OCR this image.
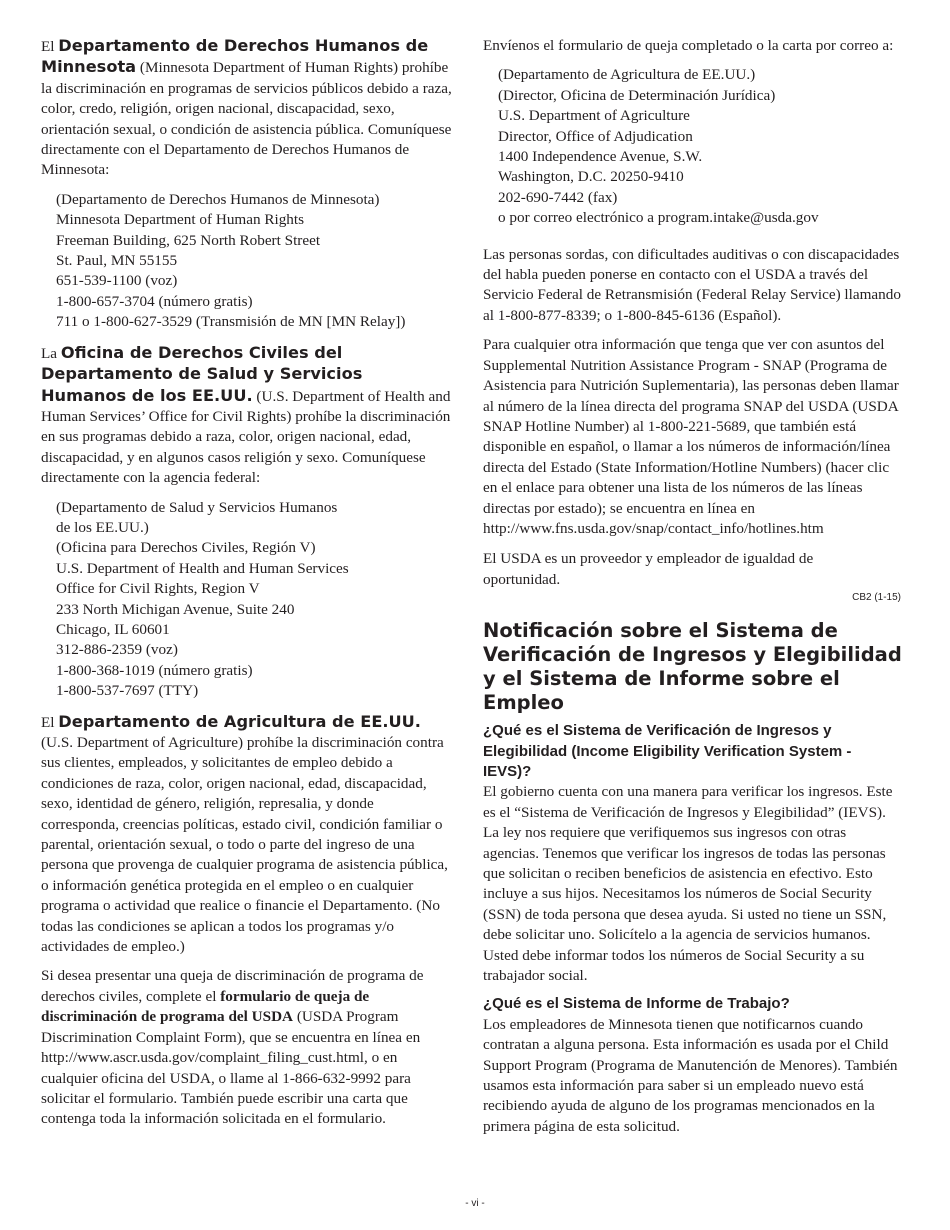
El Departamento de Derechos Humanos de Minnesota (Minnesota Department of Human Rights) prohíbe la discriminación en programas de servicios públicos debido a raza, color, credo, religión, origen nacional, discapacidad, sexo, orientación sexual, o condición de asistencia pública. Comuníquese directamente con el Departamento de Derechos Humanos de Minnesota:

(Departamento de Derechos Humanos de Minnesota)
Minnesota Department of Human Rights
Freeman Building, 625 North Robert Street
St. Paul, MN 55155
651-539-1100 (voz)
1-800-657-3704 (número gratis)
711 o 1-800-627-3529 (Transmisión de MN [MN Relay])

La Oficina de Derechos Civiles del Departamento de Salud y Servicios Humanos de los EE.UU. (U.S. Department of Health and Human Services’ Office for Civil Rights) prohíbe la discriminación en sus programas debido a raza, color, origen nacional, edad, discapacidad, y en algunos casos religión y sexo. Comuníquese directamente con la agencia federal:

(Departamento de Salud y Servicios Humanos
de los EE.UU.)
(Oficina para Derechos Civiles, Región V)
U.S. Department of Health and Human Services
Office for Civil Rights, Region V
233 North Michigan Avenue, Suite 240
Chicago, IL 60601
312-886-2359 (voz)
1-800-368-1019 (número gratis)
1-800-537-7697 (TTY)

El Departamento de Agricultura de EE.UU. (U.S. Department of Agriculture) prohíbe la discriminación contra sus clientes, empleados, y solicitantes de empleo debido a condiciones de raza, color, origen nacional, edad, discapacidad, sexo, identidad de género, religión, represalia, y donde corresponda, creencias políticas, estado civil, condición familiar o parental, orientación sexual, o todo o parte del ingreso de una persona que provenga de cualquier programa de asistencia pública, o información genética protegida en el empleo o en cualquier programa o actividad que realice o financie el Departamento. (No todas las condiciones se aplican a todos los programas y/o actividades de empleo.)

Si desea presentar una queja de discriminación de programa de derechos civiles, complete el formulario de queja de discriminación de programa del USDA (USDA Program Discrimination Complaint Form), que se encuentra en línea en http://www.ascr.usda.gov/complaint_filing_cust.html, o en cualquier oficina del USDA, o llame al 1-866-632-9992 para solicitar el formulario. También puede escribir una carta que contenga toda la información solicitada en el formulario.

Envíenos el formulario de queja completado o la carta por correo a:

(Departamento de Agricultura de EE.UU.)
(Director, Oficina de Determinación Jurídica)
U.S. Department of Agriculture
Director, Office of Adjudication
1400 Independence Avenue, S.W.
Washington, D.C. 20250-9410
202-690-7442 (fax)
o por correo electrónico a program.intake@usda.gov

Las personas sordas, con dificultades auditivas o con discapacidades del habla pueden ponerse en contacto con el USDA a través del Servicio Federal de Retransmisión (Federal Relay Service) llamando al 1-800-877-8339; o 1-800-845-6136 (Español).

Para cualquier otra información que tenga que ver con asuntos del Supplemental Nutrition Assistance Program - SNAP (Programa de Asistencia para Nutrición Suplementaria), las personas deben llamar al número de la línea directa del programa SNAP del USDA (USDA SNAP Hotline Number) al 1-800-221-5689, que también está disponible en español, o llamar a los números de información/línea directa del Estado (State Information/Hotline Numbers) (hacer clic en el enlace para obtener una lista de los números de las líneas directas por estado); se encuentra en línea en http://www.fns.usda.gov/snap/contact_info/hotlines.htm

El USDA es un proveedor y empleador de igualdad de oportunidad.

CB2 (1-15)
Notificación sobre el Sistema de Verificación de Ingresos y Elegibilidad y el Sistema de Informe sobre el Empleo
¿Qué es el Sistema de Verificación de Ingresos y Elegibilidad (Income Eligibility Verification System - IEVS)?

El gobierno cuenta con una manera para verificar los ingresos. Este es el “Sistema de Verificación de Ingresos y Elegibilidad” (IEVS). La ley nos requiere que verifiquemos sus ingresos con otras agencias. Tenemos que verificar los ingresos de todas las personas que solicitan o reciben beneficios de asistencia en efectivo. Esto incluye a sus hijos. Necesitamos los números de Social Security (SSN) de toda persona que desea ayuda. Si usted no tiene un SSN, debe solicitar uno. Solicítelo a la agencia de servicios humanos. Usted debe informar todos los números de Social Security a su trabajador social.

¿Qué es el Sistema de Informe de Trabajo?

Los empleadores de Minnesota tienen que notificarnos cuando contratan a alguna persona. Esta información es usada por el Child Support Program (Programa de Manutención de Menores). También usamos esta información para saber si un empleado nuevo está recibiendo ayuda de alguno de los programas mencionados en la primera página de esta solicitud.

- vi -
